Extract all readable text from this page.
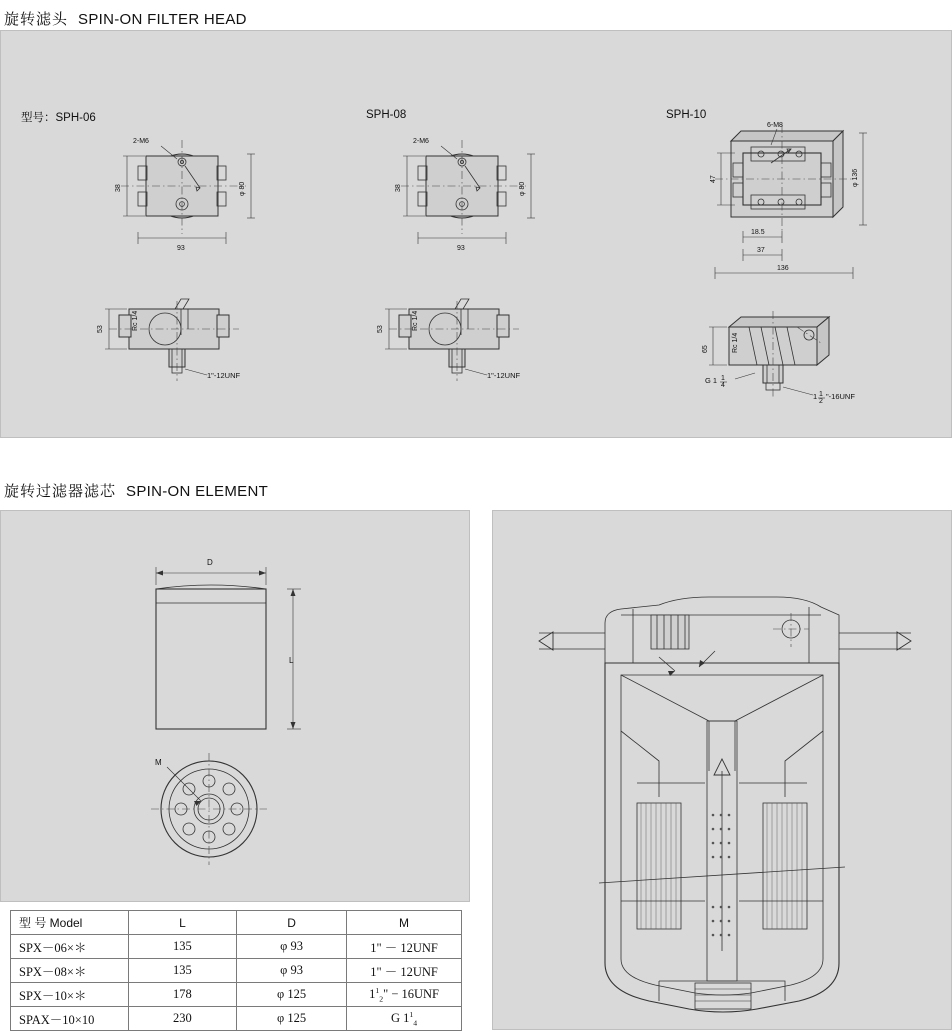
旋转滤头 SPIN-ON FILTER HEAD
型号：SPH-06	SPH-08	SPH-10
2-M6
38	φ 80
93
53	Rc 1/4
1"-12UNF
2-M6
38	φ 80
93
53	Rc 1/4
1"-12UNF
6-M8
47	φ 136
18.5
37
136
65	Rc 1/4
G 1 1
4
1 1
2
"-16UNF
旋转过滤器滤芯 SPIN-ON ELEMENT
D
L
M
型 号 Model	L	D	M
SPX－06×＊	135	φ 93	1" － 12UNF
SPX－08×＊	135	φ 93	1" － 12UNF
SPX－10×＊	178	φ 125	$1^1_2$" − 16UNF
SPAX－10×10	230	φ 125	G $1^1_4$
